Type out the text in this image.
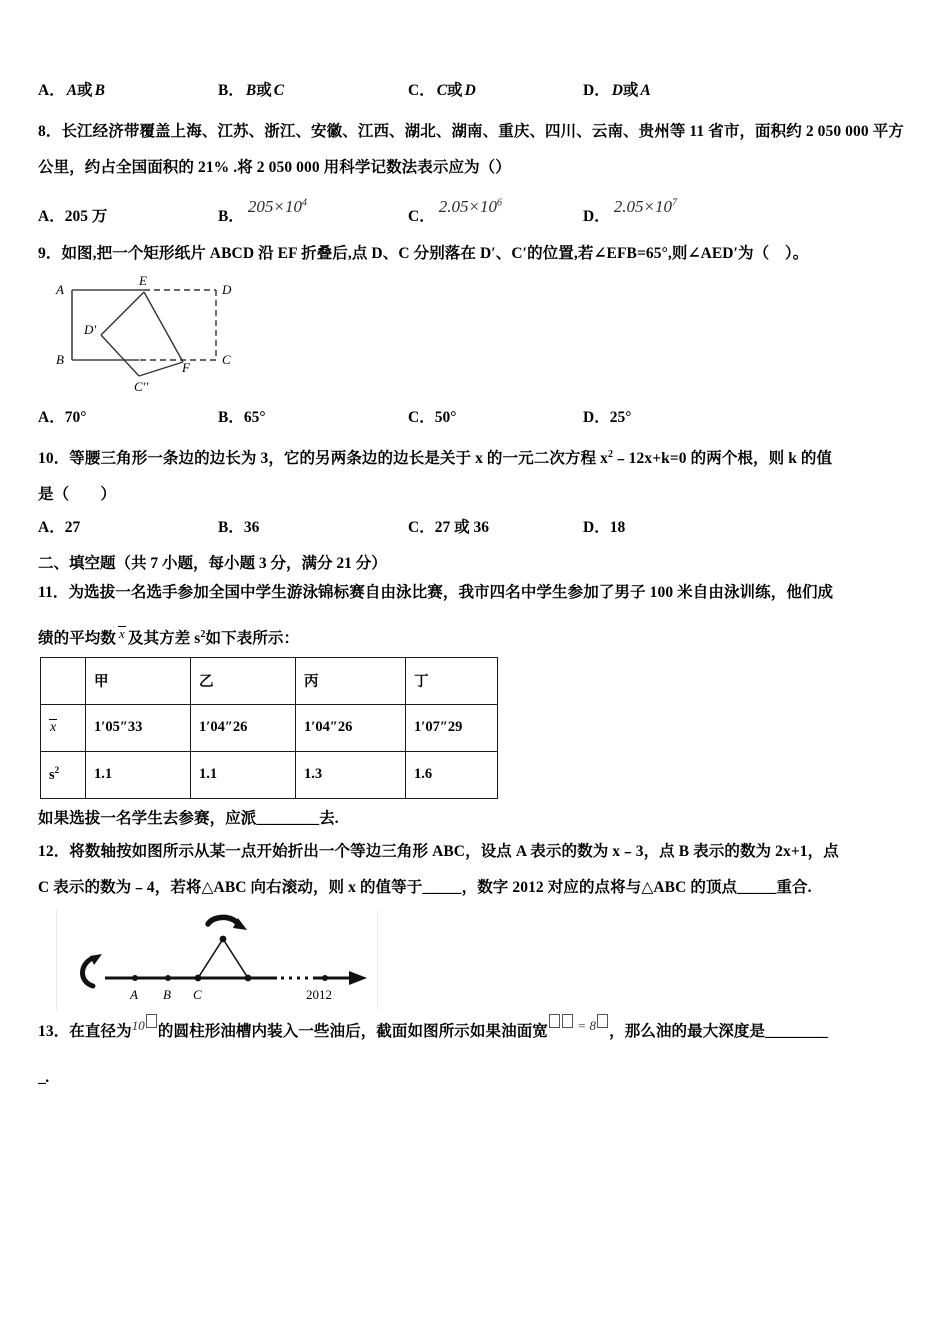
A． A或 B	B． B或 C	C． C或 D	D． D或 A
8．长江经济带覆盖上海、江苏、浙江、安徽、江西、湖北、湖南、重庆、四川、云南、贵州等 11 省市，面积约 2 050 000 平方
公里，约占全国面积的 21% .将 2 050 000 用科学记数法表示应为（）
A．205 万	B．$205\times 10^4$
C．$2.05\times 10^6$
D．$2.05\times 10^7$
9．如图,把一个矩形纸片 ABCD 沿 EF 折叠后,点 D、C 分别落在 D′、C′的位置,若∠EFB=65°,则∠AED′为（　）。
A
B
E
D
C
D'
F
C''
A．70°	B．65°	C．50°	D．25°
10．等腰三角形一条边的边长为 3，它的另两条边的边长是关于 x 的一元二次方程 $x^2﹣12x+k=0$ 的两个根，则 k 的值
是（　　）
A．27	B．36	C．27 或 36	D．18
二、填空题（共 7 小题，每小题 3 分，满分 21 分）
11．为选拔一名选手参加全国中学生游泳锦标赛自由泳比赛，我市四名中学生参加了男子 100 米自由泳训练，他们成
绩的平均数 x 及其方差 $s^2$如下表所示：
	甲	乙	丙	丁
x	1′05″33	1′04″26	1′04″26	1′07″29
$s^2$	1.1	1.1	1.3	1.6
如果选拔一名学生去参赛，应派________去.
12．将数轴按如图所示从某一点开始折出一个等边三角形 ABC，设点 A 表示的数为 x﹣3，点 B 表示的数为 2x+1，点
C 表示的数为﹣4，若将△ABC 向右滚动，则 x 的值等于_____，数字 2012 对应的点将与△ABC 的顶点_____重合.
A B C	2012
13．在直径为$^{10}$ 的圆柱形油槽内装入一些油后，截面如图所示如果油面宽 $^{= 8}$ ，那么油的最大深度是________
_.
